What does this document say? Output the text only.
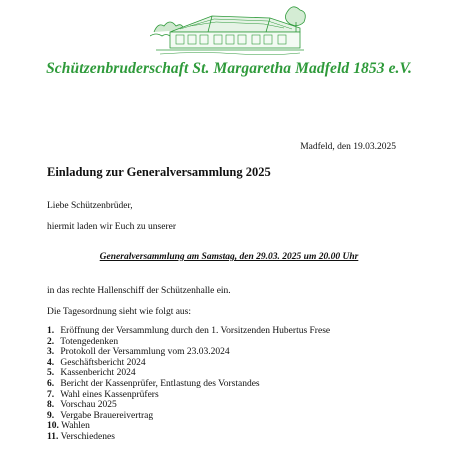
Schützenbruderschaft St. Margaretha Madfeld 1853 e.V.
Madfeld, den 19.03.2025
Einladung zur Generalversammlung 2025
Liebe Schützenbrüder,
hiermit laden wir Euch zu unserer
Generalversammlung am Samstag, den 29.03. 2025 um 20.00 Uhr
in das rechte Hallenschiff der Schützenhalle ein.
Die Tagesordnung sieht wie folgt aus:
1. Eröffnung der Versammlung durch den 1. Vorsitzenden Hubertus Frese
2. Totengedenken
3. Protokoll der Versammlung vom 23.03.2024
4. Geschäftsbericht 2024
5. Kassenbericht 2024
6. Bericht der Kassenprüfer, Entlastung des Vorstandes
7. Wahl eines Kassenprüfers
8. Vorschau 2025
9. Vergabe Brauereivertrag
10. Wahlen
11. Verschiedenes
